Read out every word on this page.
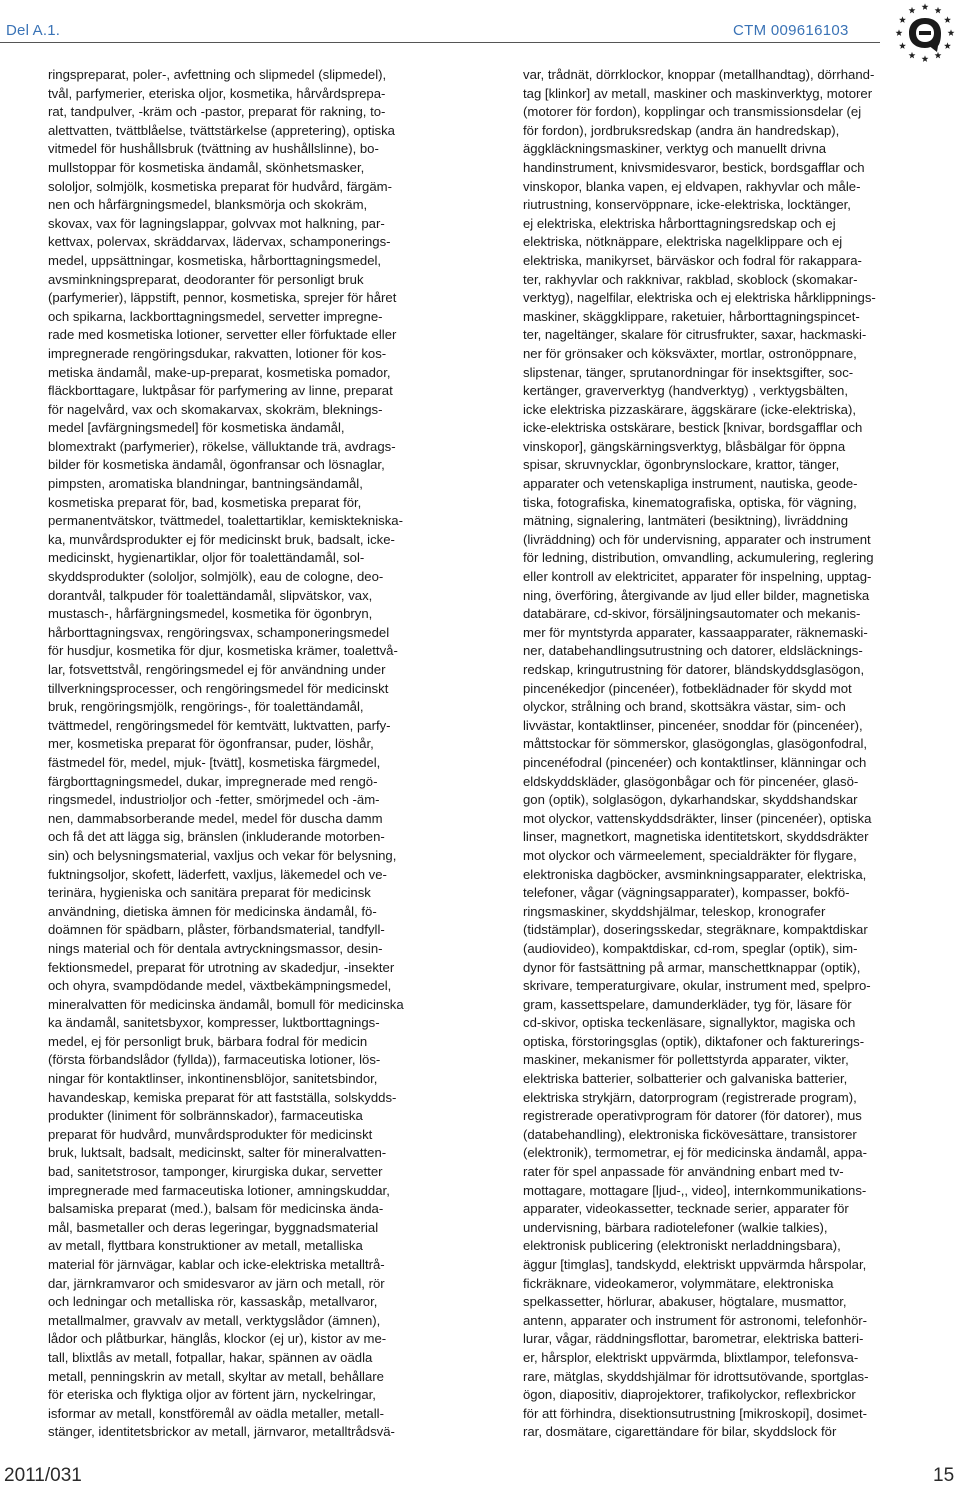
Del A.1.	CTM 009616103
ringspreparat, poler-, avfettning och slipmedel (slipmedel),
tvål, parfymerier, eteriska oljor, kosmetika, hårvårdsprepa-
rat, tandpulver, -kräm och -pastor, preparat för rakning, to-
alettvatten, tvättblåelse, tvättstärkelse (appretering), optiska
vitmedel för hushållsbruk (tvättning av hushållslinne), bo-
mullstoppar för kosmetiska ändamål, skönhetsmasker,
sololjor, solmjölk, kosmetiska preparat för hudvård, färgäm-
nen och hårfärgningsmedel, blanksmörja och skokräm,
skovax, vax för lagningslappar, golvvax mot halkning, par-
kettvax, polervax, skräddarvax, lädervax, schamponerings-
medel, uppsättningar, kosmetiska, hårborttagningsmedel,
avsminkningspreparat, deodoranter för personligt bruk
(parfymerier), läppstift, pennor, kosmetiska, sprejer för håret
och spikarna, lackborttagningsmedel, servetter impregne-
rade med kosmetiska lotioner, servetter eller förfuktade eller
impregnerade rengöringsdukar, rakvatten, lotioner för kos-
metiska ändamål, make-up-preparat, kosmetiska pomador,
fläckborttagare, luktpåsar för parfymering av linne, preparat
för nagelvård, vax och skomakarvax, skokräm, bleknings-
medel [avfärgningsmedel] för kosmetiska ändamål,
blomextrakt (parfymerier), rökelse, välluktande trä, avdrags-
bilder för kosmetiska ändamål, ögonfransar och lösnaglar,
pimpsten, aromatiska blandningar, bantningsändamål,
kosmetiska preparat för, bad, kosmetiska preparat för,
permanentvätskor, tvättmedel, toalettartiklar, kemisktekniska-
ka, munvårdsprodukter ej för medicinskt bruk, badsalt, icke-
medicinskt, hygienartiklar, oljor för toalettändamål, sol-
skyddsprodukter (sololjor, solmjölk), eau de cologne, deo-
dorantvål, talkpuder för toalettändamål, slipvätskor, vax,
mustasch-, hårfärgningsmedel, kosmetika för ögonbryn,
hårborttagningsvax, rengöringsvax, schamponeringsmedel
för husdjur, kosmetika för djur, kosmetiska krämer, toalettvå-
lar, fotsvettstvål, rengöringsmedel ej för användning under
tillverkningsprocesser, och rengöringsmedel för medicinskt
bruk, rengöringsmjölk, rengörings-, för toalettändamål,
tvättmedel, rengöringsmedel för kemtvätt, luktvatten, parfy-
mer, kosmetiska preparat för ögonfransar, puder, löshår,
fästmedel för, medel, mjuk- [tvätt], kosmetiska färgmedel,
färgborttagningsmedel, dukar, impregnerade med rengö-
ringsmedel, industrioljor och -fetter, smörjmedel och -äm-
nen, dammabsorberande medel, medel för duscha damm
och få det att lägga sig, bränslen (inkluderande motorben-
sin) och belysningsmaterial, vaxljus och vekar för belysning,
fuktningsoljor, skofett, läderfett, vaxljus, läkemedel och ve-
terinära, hygieniska och sanitära preparat för medicinsk
användning, dietiska ämnen för medicinska ändamål, fö-
doämnen för spädbarn, plåster, förbandsmaterial, tandfyll-
nings material och för dentala avtryckningsmassor, desin-
fektionsmedel, preparat för utrotning av skadedjur, -insekter
och ohyra, svampdödande medel, växtbekämpningsmedel,
mineralvatten för medicinska ändamål, bomull för medicinska
ka ändamål, sanitetsbyxor, kompresser, luktborttagnings-
medel, ej för personligt bruk, bärbara fodral för medicin
(första förbandslådor (fyllda)), farmaceutiska lotioner, lös-
ningar för kontaktlinser, inkontinensblöjor, sanitetsbindor,
havandeskap, kemiska preparat för att fastställa, solskydds-
produkter (liniment för solbrännskador), farmaceutiska
preparat för hudvård, munvårdsprodukter för medicinskt
bruk, luktsalt, badsalt, medicinskt, salter för mineralvatten-
bad, sanitetstrosor, tamponger, kirurgiska dukar, servetter
impregnerade med farmaceutiska lotioner, amningskuddar,
balsamiska preparat (med.), balsam för medicinska ända-
mål, basmetaller och deras legeringar, byggnadsmaterial
av metall, flyttbara konstruktioner av metall, metalliska
material för järnvägar, kablar och icke-elektriska metalltrå-
dar, järnkramvaror och smidesvaror av järn och metall, rör
och ledningar och metalliska rör, kassaskåp, metallvaror,
metallmalmer, gravvalv av metall, verktygslådor (ämnen),
lådor och plåtburkar, hänglås, klockor (ej ur), kistor av me-
tall, blixtlås av metall, fotpallar, hakar, spännen av oädla
metall, penningskrin av metall, skyltar av metall, behållare
för eteriska och flyktiga oljor av förtent järn, nyckelringar,
isformar av metall, konstföremål av oädla metaller, metall-
stänger, identitetsbrickor av metall, järnvaror, metalltrådsvä-
var, trådnät, dörrklockor, knoppar (metallhandtag), dörrhand-
tag [klinkor] av metall, maskiner och maskinverktyg, motorer
(motorer för fordon), kopplingar och transmissionsdelar (ej
för fordon), jordbruksredskap (andra än handredskap),
äggkläckningsmaskiner, verktyg och manuellt drivna
handinstrument, knivsmidesvaror, bestick, bordsgafflar och
vinskopor, blanka vapen, ej eldvapen, rakhyvlar och måle-
riutrustning, konservöppnare, icke-elektriska, locktänger,
ej elektriska, elektriska hårborttagningsredskap och ej
elektriska, nötknäppare, elektriska nagelklippare och ej
elektriska, manikyrset, bärväskor och fodral för rakappara-
ter, rakhyvlar och rakknivar, rakblad, skoblock (skomakar-
verktyg), nagelfilar, elektriska och ej elektriska hårklippnings-
maskiner, skäggklippare, raketuier, hårborttagningspincet-
ter, nageltänger, skalare för citrusfrukter, saxar, hackmaski-
ner för grönsaker och köksväxter, mortlar, ostronöppnare,
slipstenar, tänger, sprutanordningar för insektsgifter, soc-
kertänger, graververktyg (handverktyg) , verktygsbälten,
icke elektriska pizzaskärare, äggskärare (icke-elektriska),
icke-elektriska ostskärare, bestick [knivar, bordsgafflar och
vinskopor], gängskärningsverktyg, blåsbälgar för öppna
spisar, skruvnycklar, ögonbrynslockare, krattor, tänger,
apparater och vetenskapliga instrument, nautiska, geode-
tiska, fotografiska, kinematografiska, optiska, för vägning,
mätning, signalering, lantmäteri (besiktning), livräddning
(livräddning) och för undervisning, apparater och instrument
för ledning, distribution, omvandling, ackumulering, reglering
eller kontroll av elektricitet, apparater för inspelning, upptag-
ning, överföring, återgivande av ljud eller bilder, magnetiska
databärare, cd-skivor, försäljningsautomater och mekanis-
mer för myntstyrda apparater, kassaapparater, räknemaski-
ner, databehandlingsutrustning och datorer, eldsläcknings-
redskap, kringutrustning för datorer, bländskyddsglasögon,
pincenékedjor (pincenéer), fotbeklädnader för skydd mot
olyckor, strålning och brand, skottsäkra västar, sim- och
livvästar, kontaktlinser, pincenéer, snoddar för (pincenéer),
måttstockar för sömmerskor, glasögonglas, glasögonfodral,
pincenéfodral (pincenéer) och kontaktlinser, klänningar och
eldskyddskläder, glasögonbågar och för pincenéer, glasö-
gon (optik), solglasögon, dykarhandskar, skyddshandskar
mot olyckor, vattenskyddsdräkter, linser (pincenéer), optiska
linser, magnetkort, magnetiska identitetskort, skyddsdräkter
mot olyckor och värmeelement, specialdräkter för flygare,
elektroniska dagböcker, avsminkningsapparater, elektriska,
telefoner, vågar (vägningsapparater), kompasser, bokfö-
ringsmaskiner, skyddshjälmar, teleskop, kronografer
(tidstämplar), doseringsskedar, stegräknare, kompaktdiskar
(audiovideo), kompaktdiskar, cd-rom, speglar (optik), sim-
dynor för fastsättning på armar, manschettknappar (optik),
skrivare, temperaturgivare, okular, instrument med, spelpro-
gram, kassettspelare, damunderkläder, tyg för, läsare för
cd-skivor, optiska teckenläsare, signallyktor, magiska och
optiska, förstoringsglas (optik), diktafoner och fakturerings-
maskiner, mekanismer för pollettstyrda apparater, vikter,
elektriska batterier, solbatterier och galvaniska batterier,
elektriska strykjärn, datorprogram (registrerade program),
registrerade operativprogram för datorer (för datorer), mus
(databehandling), elektroniska fickövesättare, transistorer
(elektronik), termometrar, ej för medicinska ändamål, appa-
rater för spel anpassade för användning enbart med tv-
mottagare, mottagare [ljud-,, video], internkommunikations-
apparater, videokassetter, tecknade serier, apparater för
undervisning, bärbara radiotelefoner (walkie talkies),
elektronisk publicering (elektroniskt nerladdningsbara),
äggur [timglas], tandskydd, elektriskt uppvärmda hårspolar,
fickräknare, videokameror, volymmätare, elektroniska
spelkassetter, hörlurar, abakuser, högtalare, musmattor,
antenn, apparater och instrument för astronomi, telefonhör-
lurar, vågar, räddningsflottar, barometrar, elektriska batteri-
er, hårsplor, elektriskt uppvärmda, blixtlampor, telefonsva-
rare, mätglas, skyddshjälmar för idrottsutövande, sportglas-
ögon, diapositiv, diaprojektorer, trafikolyckor, reflexbrickor
för att förhindra, disektionsutrustning [mikroskopi], dosimet-
rar, dosmätare, cigarettändare för bilar, skyddslock för
2011/031	15
